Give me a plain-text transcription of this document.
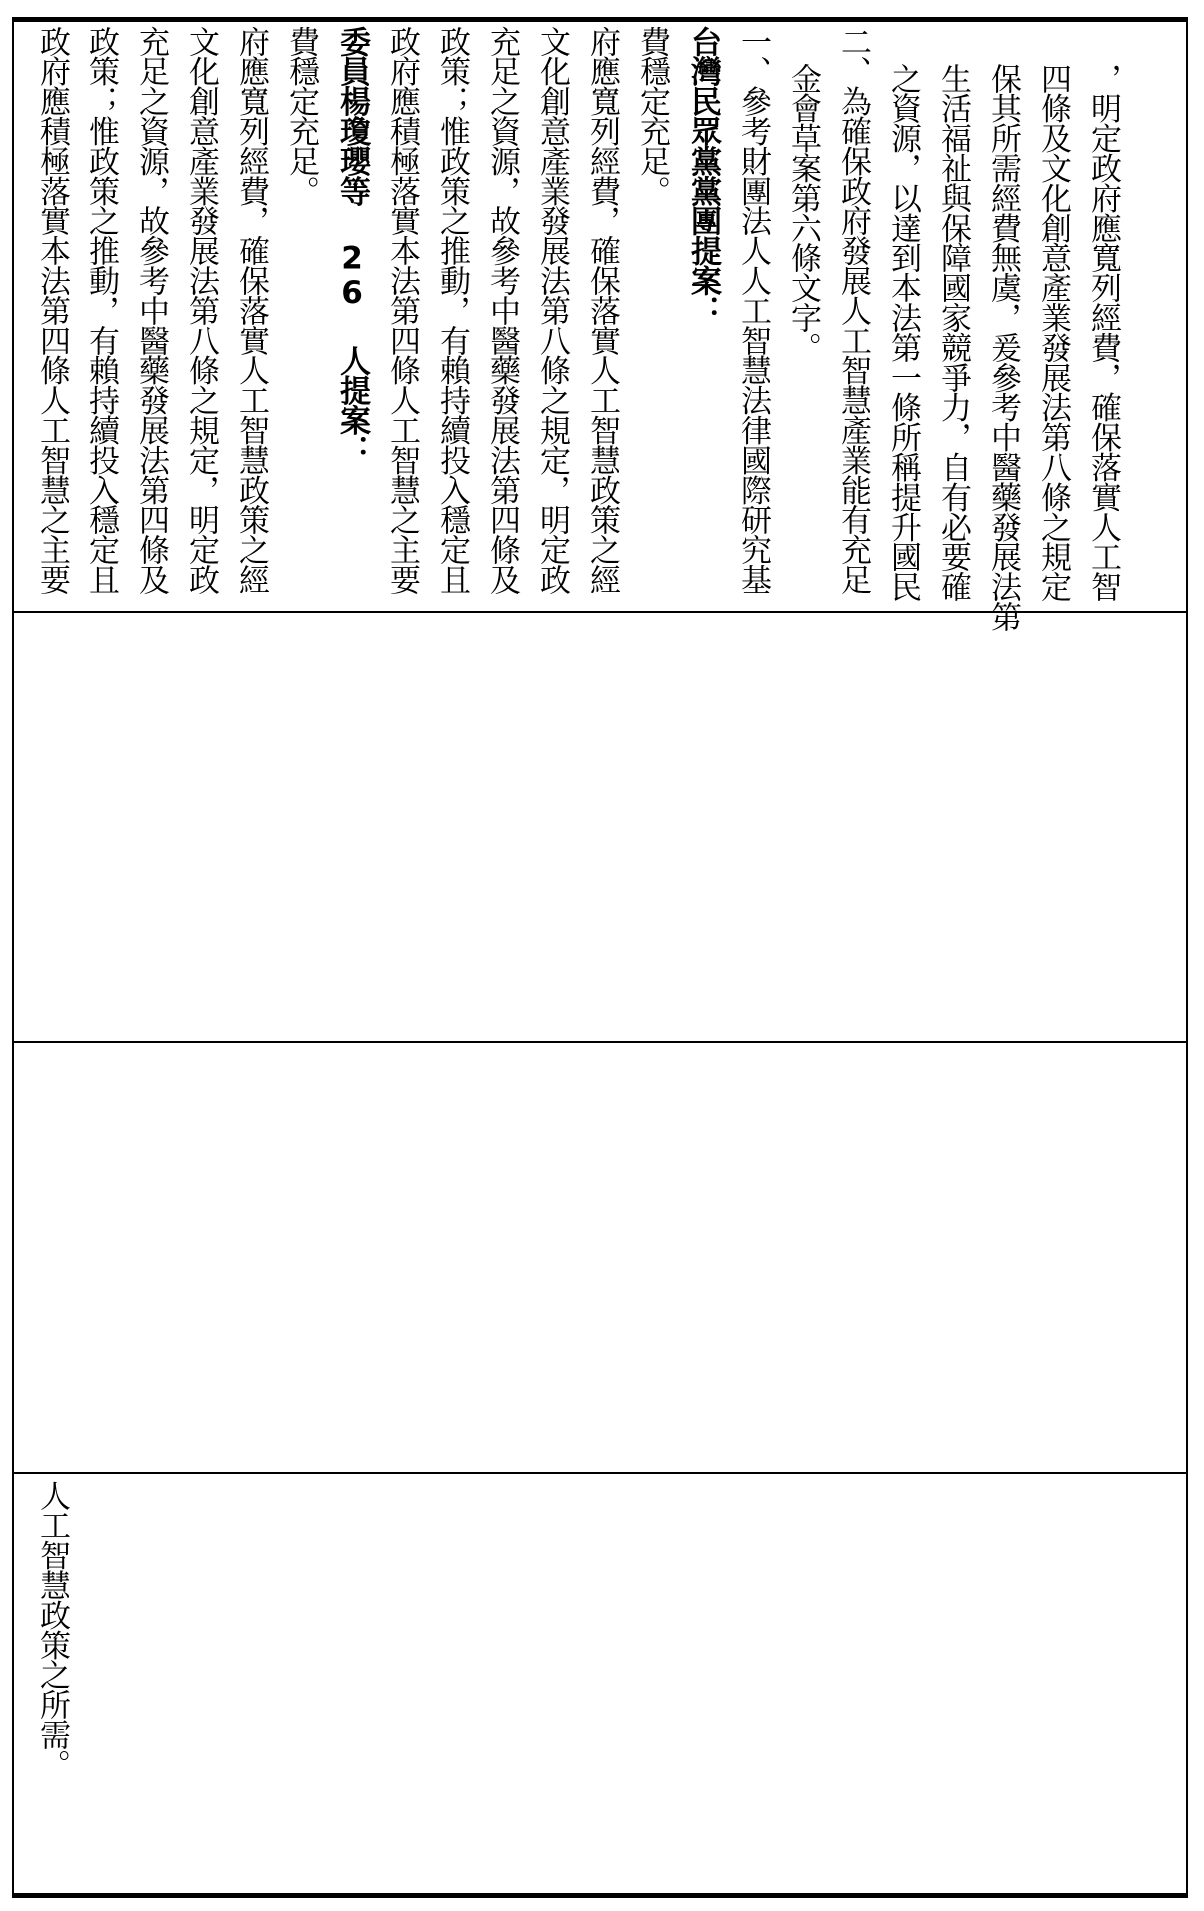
政府應積極落實本法第四條人工智慧之主要 政策；惟政策之推動，有賴持續投入穩定且 充足之資源，故參考中醫藥發展法第四條及 文化創意產業發展法第八條之規定，明定政 府應寬列經費，確保落實人工智慧政策之經 費穩定充足。 委員楊瓊瓔等 26 人提案： 政府應積極落實本法第四條人工智慧之主要 政策；惟政策之推動，有賴持續投入穩定且 充足之資源，故參考中醫藥發展法第四條及 文化創意產業發展法第八條之規定，明定政 府應寬列經費，確保落實人工智慧政策之經 費穩定充足。 台灣民眾黨黨團提案： 一、參考財團法人人工智慧法律國際研究基 金會草案第六條文字。 二、為確保政府發展人工智慧產業能有充足 之資源，以達到本法第一條所稱提升國民 生活福祉與保障國家競爭力，自有必要確 保其所需經費無虞，爰參考中醫藥發展法第 四條及文化創意產業發展法第八條之規定 ，明定政府應寬列經費，確保落實人工智
人工智慧政策之所需。
